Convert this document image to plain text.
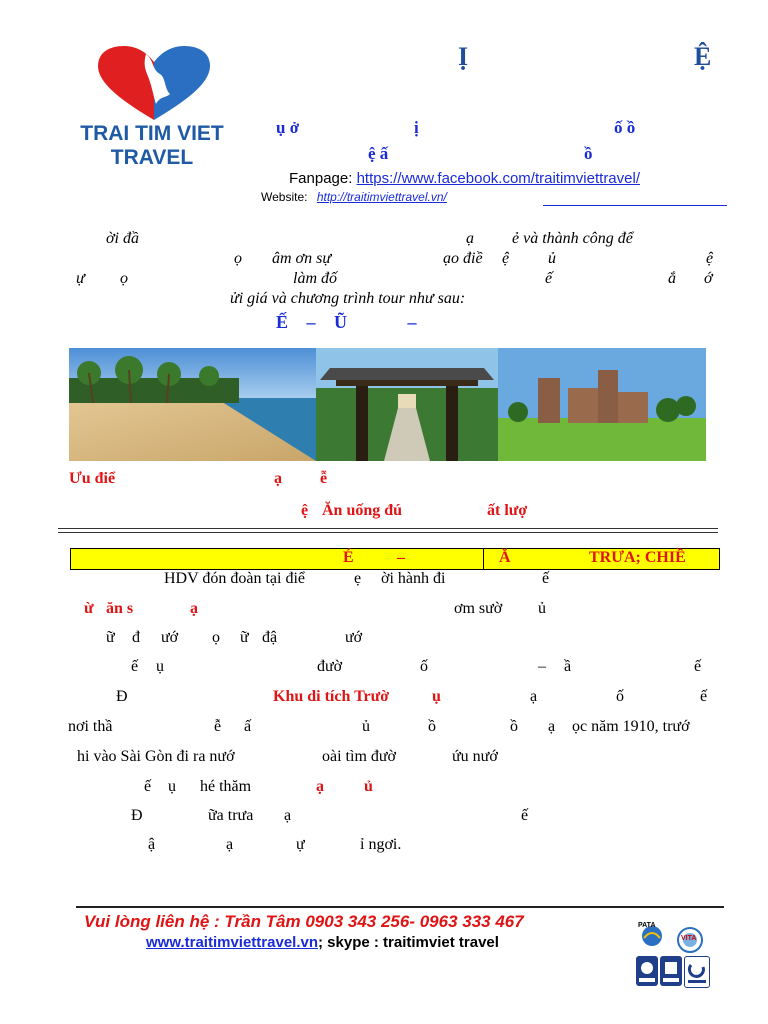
TRAI TIM VIET
TRAVEL
Ị	Ệ
ụ ở	ị	ố ồ
ệ ấ	ồ
Fanpage: https://www.facebook.com/traitimviettravel/
Website: http://traitimviettravel.vn/
ời đầ	ạ ẻ và thành công để
ọ âm ơn sự	ạo điề ệ ủ	ệ
ự ọ	làm đố	ế	ắ ớ
ửi giá và chương trình tour như sau:
Ế – Ũ	–
Ưu điể	ạ ễ
ệ Ăn uống đú	ất lượ
É	–	Ă	TRƯA; CHIỀ
HDV đón đoàn tại điể	ẹ ời hành đi	ế
ừ ăn s	ạ	ơm sườ ủ
ữ đ ướ ọ ữ đậ	ướ
ế ụ	đườ	ố	– ầ	ế
Đ	Khu di tích Trườ	ụ	ạ	ố	ế
nơi thầ	ễ ấ	ủ	ồ	ồ ạ ọc năm 1910, trướ
hi vào Sài Gòn đi ra nướ	oài tìm đườ	ứu nướ
ế ụ hé thăm	ạ	ủ
Đ	ữa trưa ạ	ế
ậ	ạ	ự	ỉ ngơi.
Vui lòng liên hệ : Trần Tâm 0903 343 256- 0963 333 467
www.traitimviettravel.vn; skype : traitimviet travel
PATA
VITA
